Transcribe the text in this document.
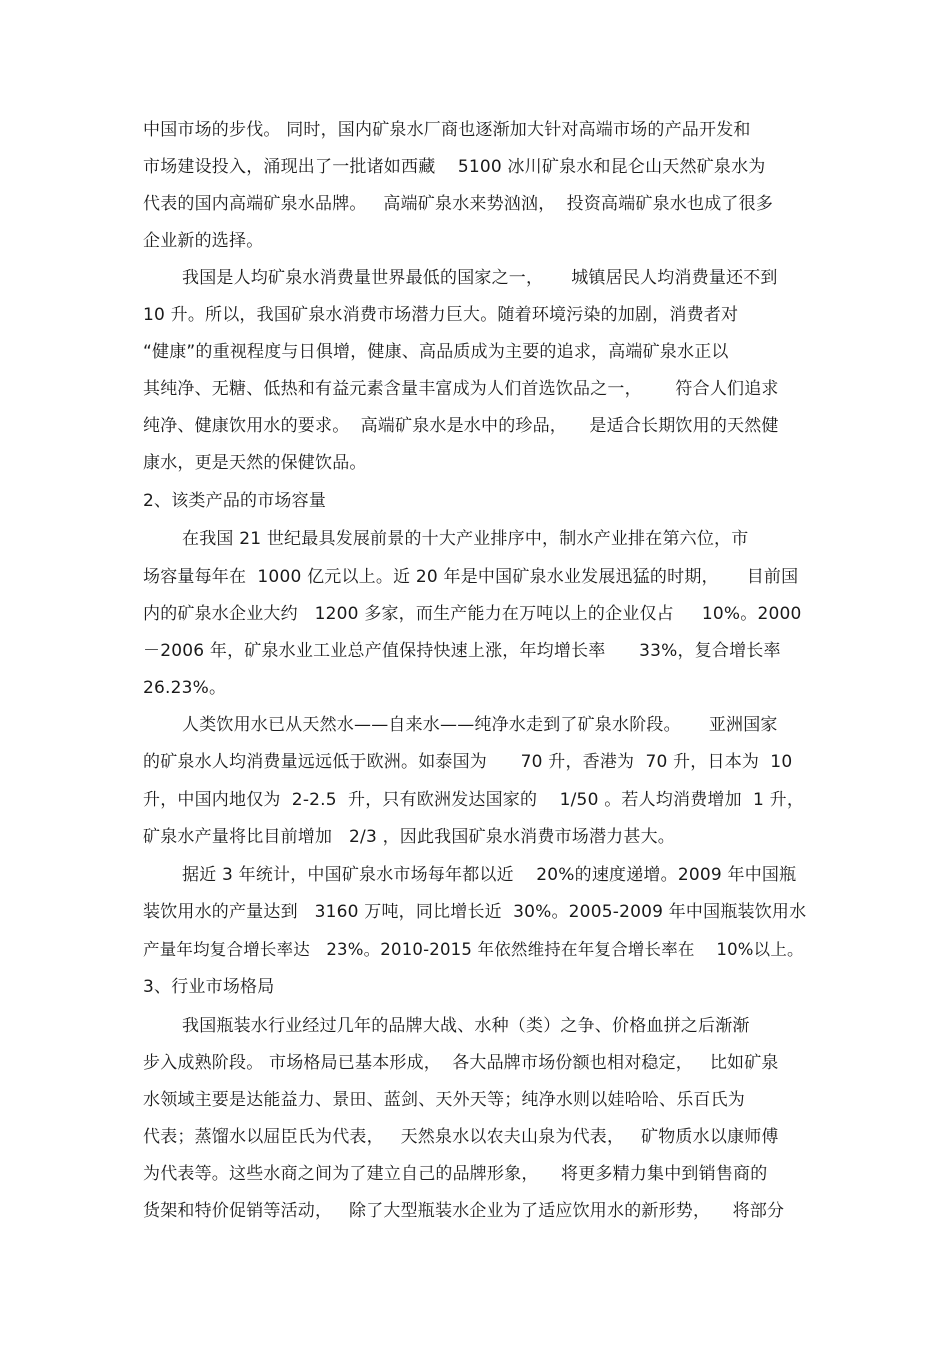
中国市场的步伐。 同时，国内矿泉水厂商也逐渐加大针对高端市场的产品开发和
市场建设投入，涌现出了一批诸如西藏    5100 冰川矿泉水和昆仑山天然矿泉水为
代表的国内高端矿泉水品牌。   高端矿泉水来势汹汹，  投资高端矿泉水也成了很多
企业新的选择。
我国是人均矿泉水消费量世界最低的国家之一，     城镇居民人均消费量还不到
10 升。所以，我国矿泉水消费市场潜力巨大。随着环境污染的加剧，消费者对
“健康”的重视程度与日俱增，健康、高品质成为主要的追求，高端矿泉水正以
其纯净、无糖、低热和有益元素含量丰富成为人们首选饮品之一，      符合人们追求
纯净、健康饮用水的要求。  高端矿泉水是水中的珍品，    是适合长期饮用的天然健
康水，更是天然的保健饮品。
2、该类产品的市场容量
在我国 21 世纪最具发展前景的十大产业排序中，制水产业排在第六位，市
场容量每年在  1000 亿元以上。近 20 年是中国矿泉水业发展迅猛的时期，     目前国
内的矿泉水企业大约   1200 多家，而生产能力在万吨以上的企业仅占     10%。2000
－2006 年，矿泉水业工业总产值保持快速上涨，年均增长率      33%，复合增长率
26.23%。
人类饮用水已从天然水——自来水——纯净水走到了矿泉水阶段。     亚洲国家
的矿泉水人均消费量远远低于欧洲。如泰国为      70 升，香港为  70 升，日本为  10
升，中国内地仅为  2-2.5  升，只有欧洲发达国家的    1/50 。若人均消费增加  1 升，
矿泉水产量将比目前增加   2/3 ，因此我国矿泉水消费市场潜力甚大。
据近 3 年统计，中国矿泉水市场每年都以近    20%的速度递增。2009 年中国瓶
装饮用水的产量达到   3160 万吨，同比增长近  30%。2005-2009 年中国瓶装饮用水
产量年均复合增长率达   23%。2010-2015 年依然维持在年复合增长率在    10%以上。
3、行业市场格局
我国瓶装水行业经过几年的品牌大战、水种（类）之争、价格血拼之后渐渐
步入成熟阶段。 市场格局已基本形成，  各大品牌市场份额也相对稳定，   比如矿泉
水领域主要是达能益力、景田、蓝剑、天外天等；纯净水则以娃哈哈、乐百氏为
代表；蒸馏水以屈臣氏为代表，   天然泉水以农夫山泉为代表，   矿物质水以康师傅
为代表等。这些水商之间为了建立自己的品牌形象，    将更多精力集中到销售商的
货架和特价促销等活动，   除了大型瓶装水企业为了适应饮用水的新形势，    将部分
